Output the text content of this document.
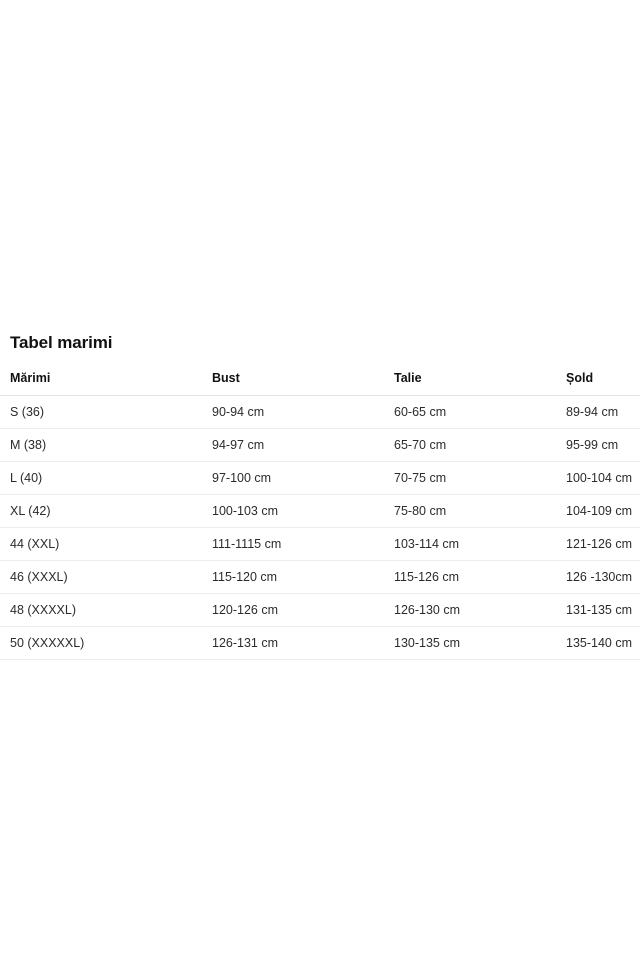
Tabel marimi
Mărimi	Bust	Talie	Șold
S (36)	90-94 cm	60-65 cm	89-94 cm
M (38)	94-97 cm	65-70 cm	95-99 cm
L (40)	97-100 cm	70-75 cm	100-104 cm
XL (42)	100-103 cm	75-80 cm	104-109 cm
44 (XXL)	111-1115 cm	103-114 cm	121-126 cm
46 (XXXL)	115-120 cm	115-126 cm	126 -130cm
48 (XXXXL)	120-126 cm	126-130 cm	131-135 cm
50 (XXXXXL)	126-131 cm	130-135 cm	135-140 cm
